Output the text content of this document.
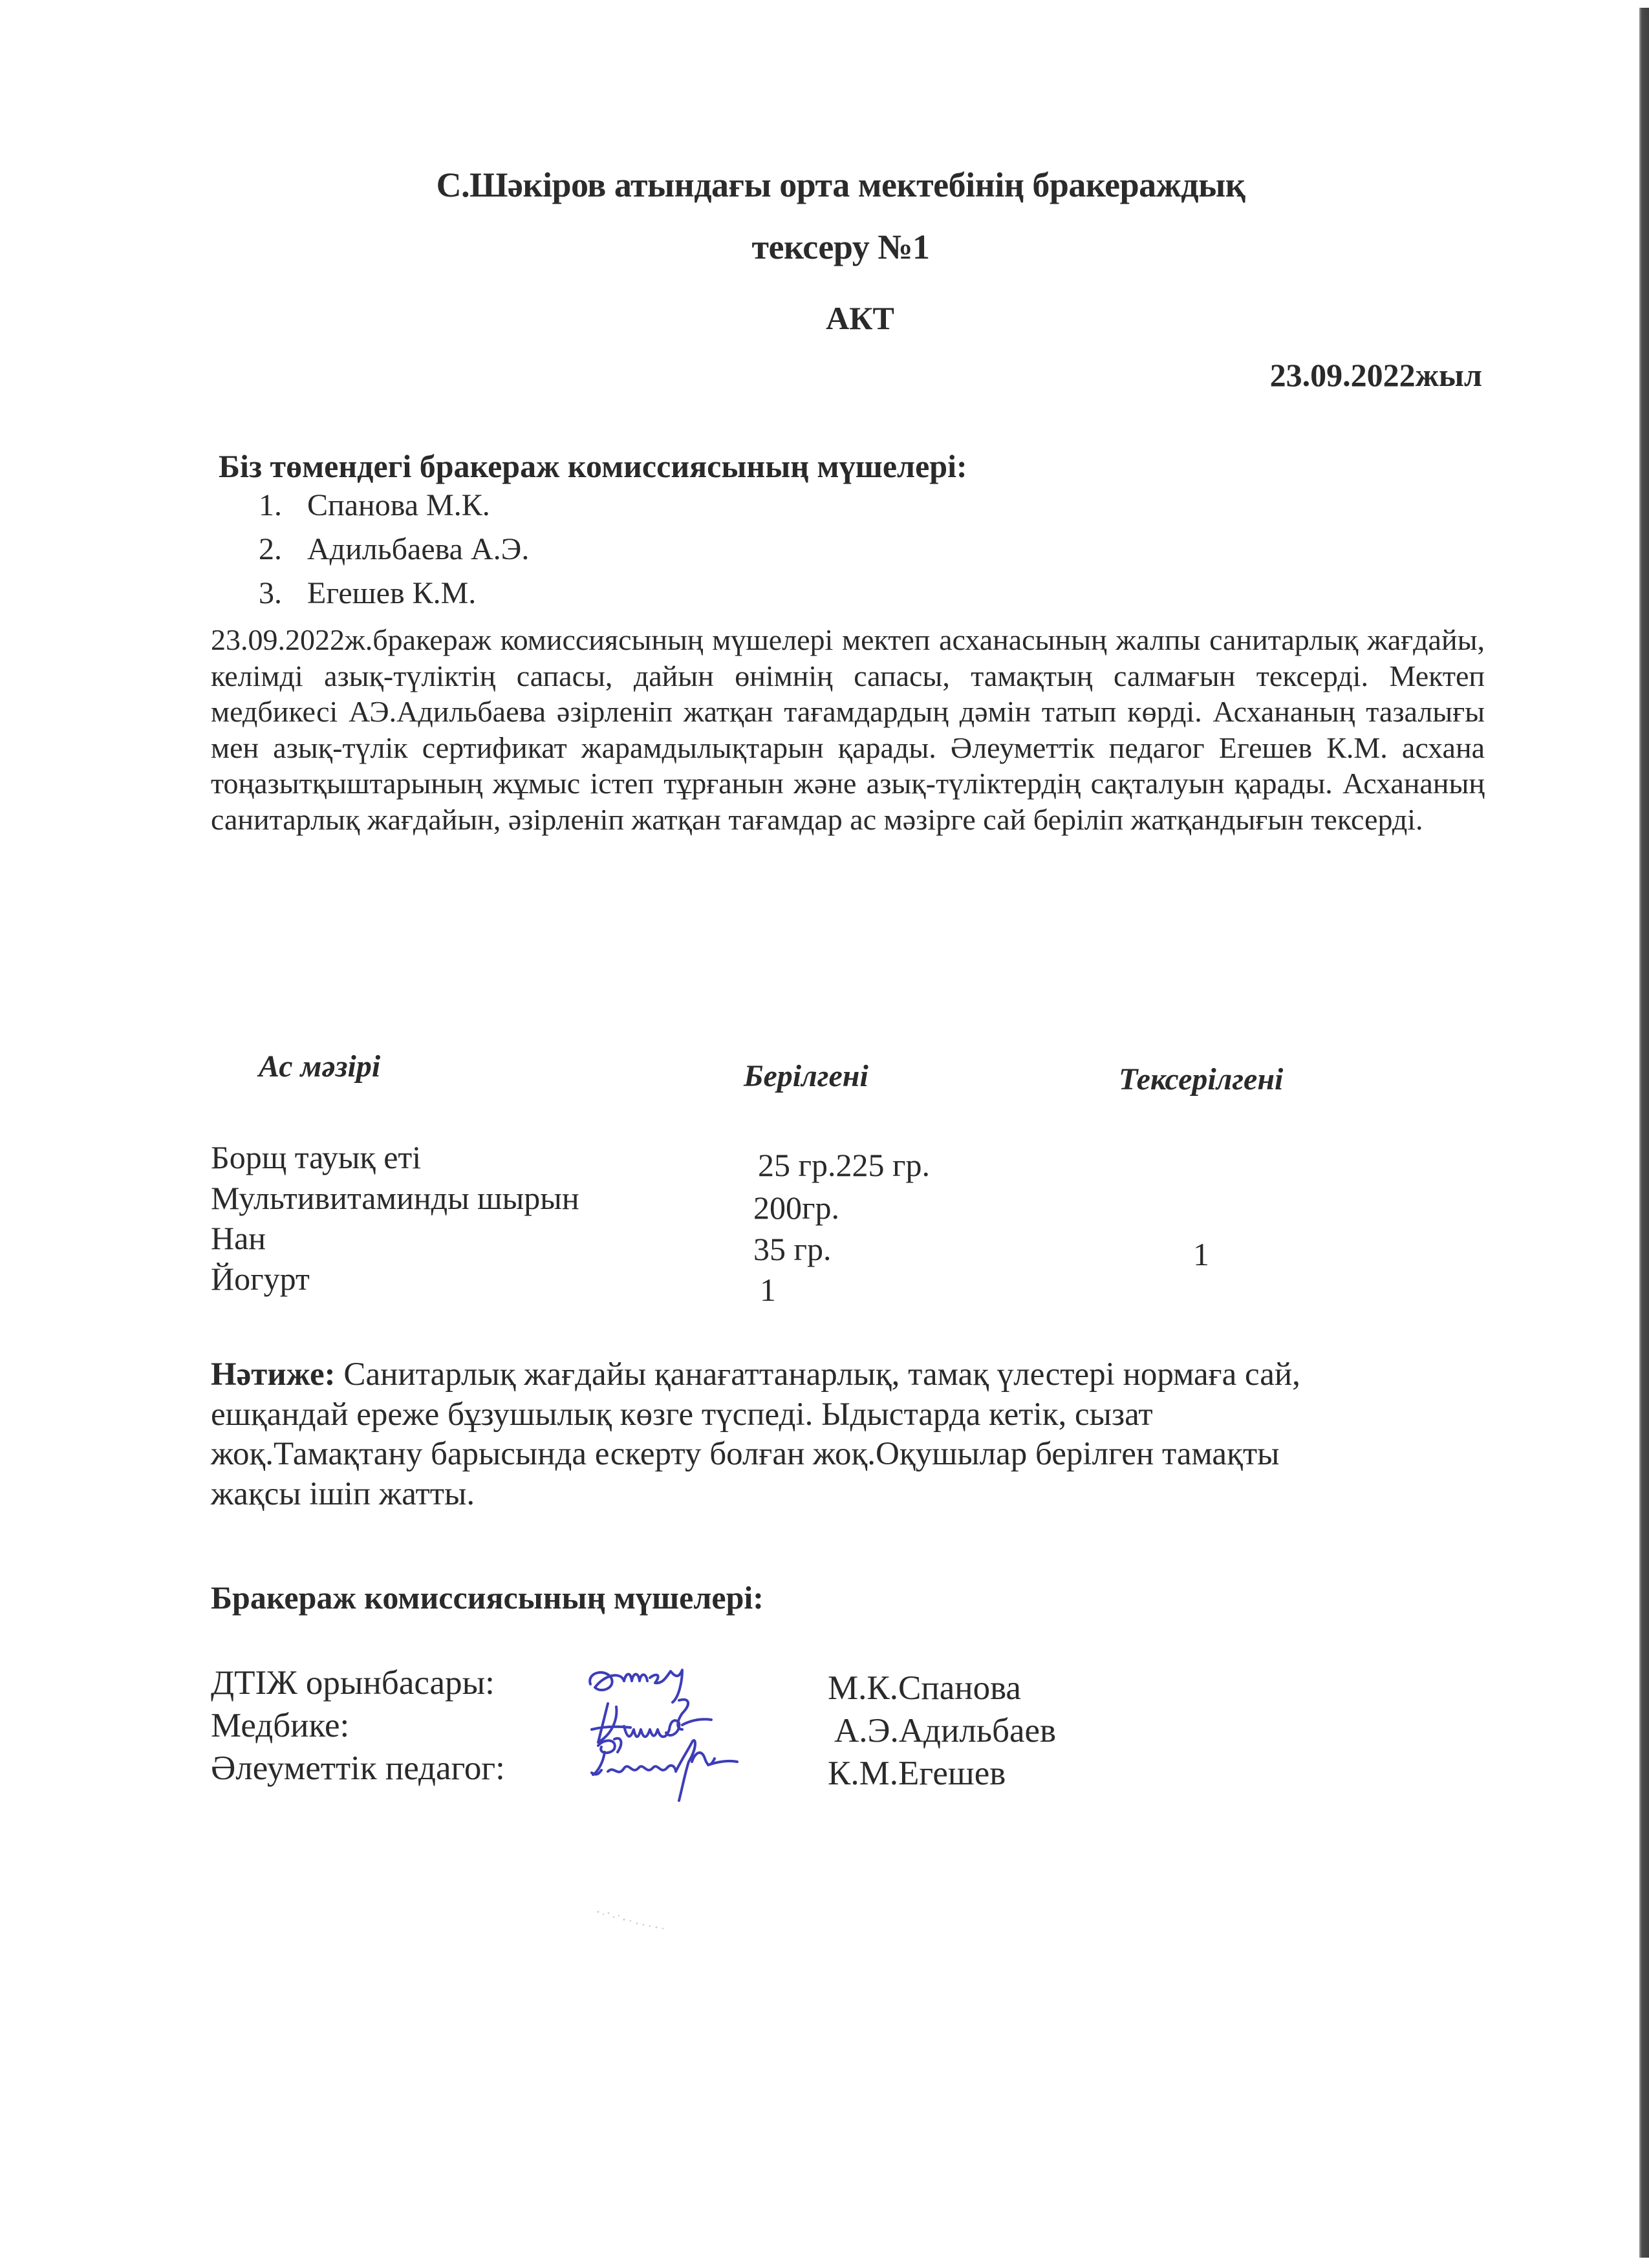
С.Шәкіров атындағы орта мектебінің бракераждық
тексеру №1
АКТ
23.09.2022жыл
Біз төмендегі бракераж комиссиясының мүшелері:
1. Спанова М.К.
2. Адильбаева А.Э.
3. Егешев К.М.
23.09.2022ж.бракераж комиссиясының мүшелері мектеп асханасының жалпы санитарлық жағдайы, келімді азық-түліктің сапасы, дайын өнімнің сапасы, тамақтың салмағын тексерді. Мектеп медбикесі АЭ.Адильбаева әзірленіп жатқан тағамдардың дәмін татып көрді. Асхананың тазалығы мен азық-түлік сертификат жарамдылықтарын қарады. Әлеуметтік педагог Егешев К.М. асхана тоңазытқыштарының жұмыс істеп тұрғанын және азық-түліктердің сақталуын қарады. Асхананың санитарлық жағдайын, әзірленіп жатқан тағамдар ас мәзірге сай беріліп жатқандығын тексерді.
Ас мәзірі	Берілгені	Тексерілгені
Борщ тауық еті	25 гр.225 гр.
Мультивитаминды шырын	200гр.
Нан	35 гр.	1
Йогурт	1
Нәтиже: Санитарлық жағдайы қанағаттанарлық, тамақ үлестері нормаға сай,
ешқандай ереже бұзушылық көзге түспеді. Ыдыстарда кетік, сызат
жоқ.Тамақтану барысында ескерту болған жоқ.Оқушылар берілген тамақты
жақсы ішіп жатты.
Бракераж комиссиясының мүшелері:
ДТІЖ орынбасары:	М.К.Спанова
Медбике:	А.Э.Адильбаев
Әлеуметтік педагог:	К.М.Егешев
